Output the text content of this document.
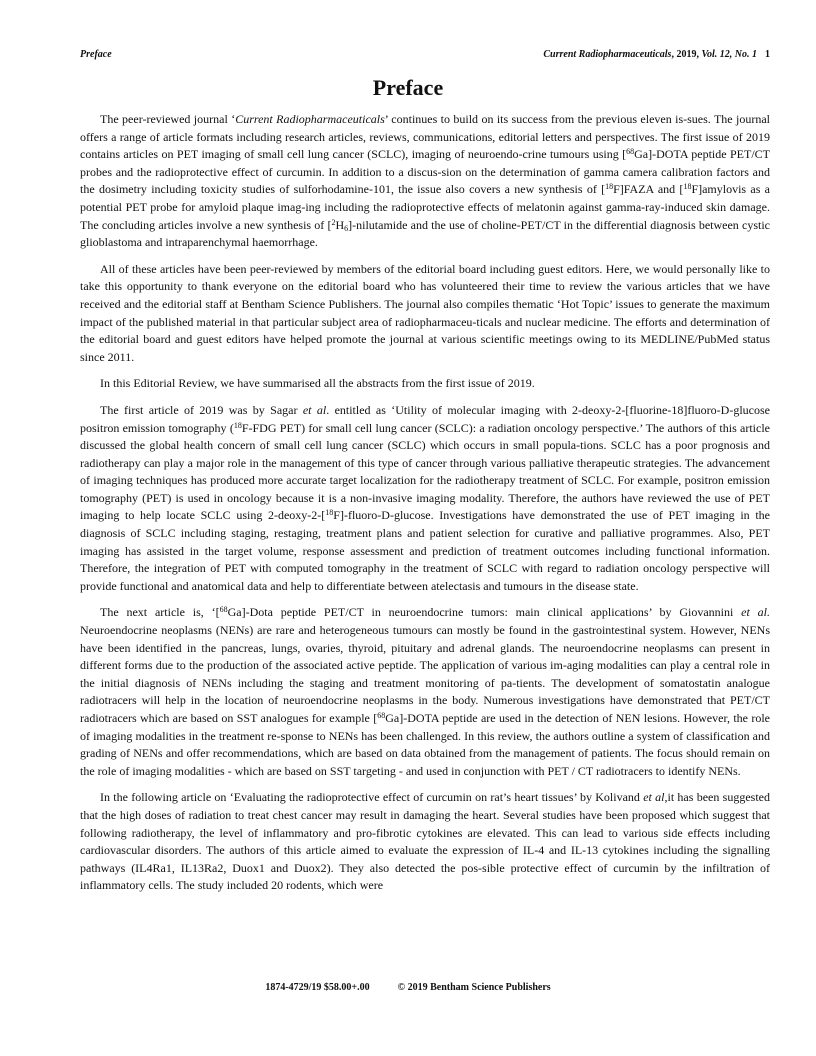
Preface	Current Radiopharmaceuticals, 2019, Vol. 12, No. 1 1
Preface

The peer-reviewed journal ‘Current Radiopharmaceuticals’ continues to build on its success from the previous eleven is-sues. The journal offers a range of article formats including research articles, reviews, communications, editorial letters and perspectives. The first issue of 2019 contains articles on PET imaging of small cell lung cancer (SCLC), imaging of neuroendo-crine tumours using [$^{68}$Ga]-DOTA peptide PET/CT probes and the radioprotective effect of curcumin. In addition to a discus-sion on the determination of gamma camera calibration factors and the dosimetry including toxicity studies of sulforhodamine-101, the issue also covers a new synthesis of [$^{18}$F]FAZA and [$^{18}$F]amylovis as a potential PET probe for amyloid plaque imag-ing including the radioprotective effects of melatonin against gamma-ray-induced skin damage. The concluding articles involve a new synthesis of $[^2H_6]$-nilutamide and the use of choline-PET/CT in the differential diagnosis between cystic glioblastoma and intraparenchymal haemorrhage.

All of these articles have been peer-reviewed by members of the editorial board including guest editors. Here, we would personally like to take this opportunity to thank everyone on the editorial board who has volunteered their time to review the various articles that we have received and the editorial staff at Bentham Science Publishers. The journal also compiles thematic ‘Hot Topic’ issues to generate the maximum impact of the published material in that particular subject area of radiopharmaceu-ticals and nuclear medicine. The efforts and determination of the editorial board and guest editors have helped promote the journal at various scientific meetings owing to its MEDLINE/PubMed status since 2011.

In this Editorial Review, we have summarised all the abstracts from the first issue of 2019.

The first article of 2019 was by Sagar et al. entitled as ‘Utility of molecular imaging with 2-deoxy-2-[fluorine-18]fluoro-D-glucose positron emission tomography ($^{18}$F-FDG PET) for small cell lung cancer (SCLC): a radiation oncology perspective.’ The authors of this article discussed the global health concern of small cell lung cancer (SCLC) which occurs in small popula-tions. SCLC has a poor prognosis and radiotherapy can play a major role in the management of this type of cancer through various palliative therapeutic strategies. The advancement of imaging techniques has produced more accurate target localization for the radiotherapy treatment of SCLC. For example, positron emission tomography (PET) is used in oncology because it is a non-invasive imaging modality. Therefore, the authors have reviewed the use of PET imaging to help locate SCLC using 2-deoxy-2-[$^{18}$F]-fluoro-D-glucose. Investigations have demonstrated the use of PET imaging in the diagnosis of SCLC including staging, restaging, treatment plans and patient selection for curative and palliative programmes. Also, PET imaging has assisted in the target volume, response assessment and prediction of treatment outcomes including functional information. Therefore, the integration of PET with computed tomography in the treatment of SCLC with regard to radiation oncology perspective will provide functional and anatomical data and help to differentiate between atelectasis and tumours in the disease state.

The next article is, ‘[$^{68}$Ga]-Dota peptide PET/CT in neuroendocrine tumors: main clinical applications’ by Giovannini et al. Neuroendocrine neoplasms (NENs) are rare and heterogeneous tumours can mostly be found in the gastrointestinal system. However, NENs have been identified in the pancreas, lungs, ovaries, thyroid, pituitary and adrenal glands. The neuroendocrine neoplasms can present in different forms due to the production of the associated active peptide. The application of various im-aging modalities can play a central role in the initial diagnosis of NENs including the staging and treatment monitoring of pa-tients. The development of somatostatin analogue radiotracers will help in the location of neuroendocrine neoplasms in the body. Numerous investigations have demonstrated that PET/CT radiotracers which are based on SST analogues for example [$^{68}$Ga]-DOTA peptide are used in the detection of NEN lesions. However, the role of imaging modalities in the treatment re-sponse to NENs has been challenged. In this review, the authors outline a system of classification and grading of NENs and offer recommendations, which are based on data obtained from the management of patients. The focus should remain on the role of imaging modalities - which are based on SST targeting - and used in conjunction with PET / CT radiotracers to identify NENs.

In the following article on ‘Evaluating the radioprotective effect of curcumin on rat’s heart tissues’ by Kolivand et al,it has been suggested that the high doses of radiation to treat chest cancer may result in damaging the heart. Several studies have been proposed which suggest that following radiotherapy, the level of inflammatory and pro-fibrotic cytokines are elevated. This can lead to various side effects including cardiovascular disorders. The authors of this article aimed to evaluate the expression of IL-4 and IL-13 cytokines including the signalling pathways (IL4Ra1, IL13Ra2, Duox1 and Duox2). They also detected the pos-sible protective effect of curcumin by the infiltration of inflammatory cells. The study included 20 rodents, which were

1874-4729/19 $58.00+.00	© 2019 Bentham Science Publishers
